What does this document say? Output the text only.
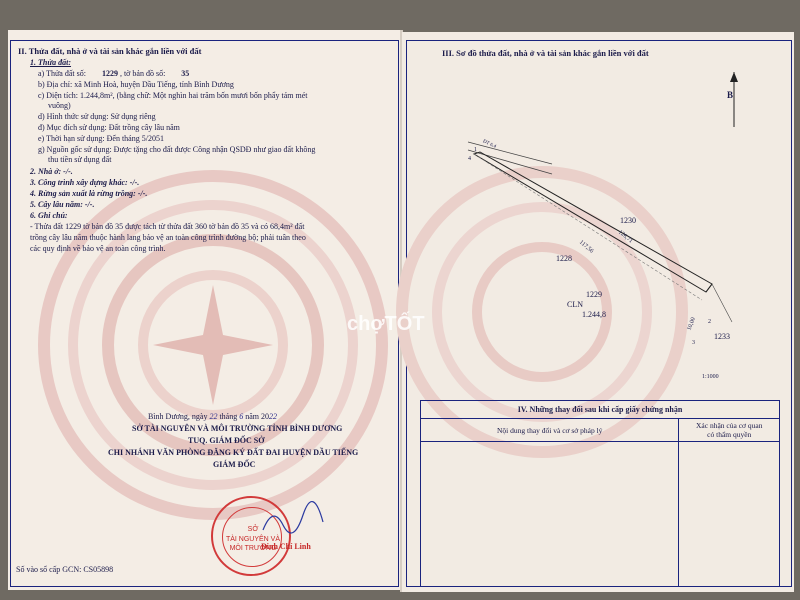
II. Thửa đất, nhà ở và tài sản khác gắn liền với đất
1. Thửa đất:
a) Thửa đất số: 1229 , tờ bản đồ số: 35
b) Địa chỉ: xã Minh Hoà, huyện Dầu Tiếng, tỉnh Bình Dương
c) Diện tích: 1.244,8m², (bằng chữ: Một nghìn hai trăm bốn mươi bốn phẩy tám mét
vuông)
d) Hình thức sử dụng: Sử dụng riêng
đ) Mục đích sử dụng: Đất trồng cây lâu năm
e) Thời hạn sử dụng: Đến tháng 5/2051
g) Nguồn gốc sử dụng: Được tặng cho đất được Công nhận QSDĐ như giao đất không
thu tiền sử dụng đất
2. Nhà ở: -/-.
3. Công trình xây dựng khác: -/-.
4. Rừng sản xuất là rừng trồng: -/-.
5. Cây lâu năm: -/-.
6. Ghi chú:
- Thửa đất 1229 tờ bản đồ 35 được tách từ thửa đất 360 tờ bản đồ 35 và có 68,4m² đất
trồng cây lâu năm thuộc hành lang bảo vệ an toàn công trình đường bộ; phải tuân theo
các quy định về bảo vệ an toàn công trình.
Bình Dương, ngày 22 tháng 6 năm 2022
SỞ TÀI NGUYÊN VÀ MÔI TRƯỜNG TỈNH BÌNH DƯƠNG
TUQ. GIÁM ĐỐC SỞ
CHI NHÁNH VĂN PHÒNG ĐĂNG KÝ ĐẤT ĐAI HUYỆN DẦU TIẾNG
GIÁM ĐỐC
SỞ
TÀI NGUYÊN VÀ
MÔI TRƯỜNG
Đinh Chí Linh
Số vào sổ cấp GCN: CS05898
III. Sơ đồ thửa đất, nhà ở và tài sản khác gắn liền với đất
B
ĐT 6.4
1230
1228
1229
CLN
1.244,8
1233
126,71
117,56
10,00
1
2
3
4
1:1000
chợTỐT
IV. Những thay đổi sau khi cấp giấy chứng nhận	
Nội dung thay đổi và cơ sở pháp lý	Xác nhận của cơ quan
có thẩm quyền
